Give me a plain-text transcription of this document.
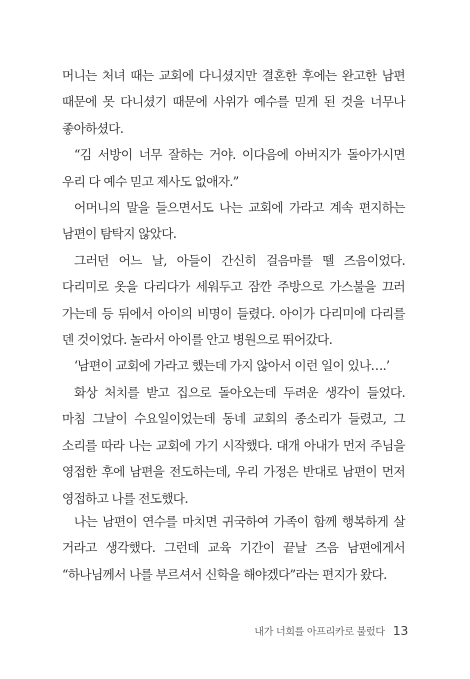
머니는 처녀 때는 교회에 다니셨지만 결혼한 후에는 완고한 남편 때문에 못 다니셨기 때문에 사위가 예수를 믿게 된 것을 너무나 좋아하셨다.

“김 서방이 너무 잘하는 거야. 이다음에 아버지가 돌아가시면 우리 다 예수 믿고 제사도 없애자.”

어머니의 말을 들으면서도 나는 교회에 가라고 계속 편지하는 남편이 탐탁지 않았다.

그러던 어느 날, 아들이 간신히 걸음마를 뗄 즈음이었다. 다리미로 옷을 다리다가 세워두고 잠깐 주방으로 가스불을 끄러 가는데 등 뒤에서 아이의 비명이 들렸다. 아이가 다리미에 다리를 덴 것이었다. 놀라서 아이를 안고 병원으로 뛰어갔다.

‘남편이 교회에 가라고 했는데 가지 않아서 이런 일이 있나….’

화상 처치를 받고 집으로 돌아오는데 두려운 생각이 들었다. 마침 그날이 수요일이었는데 동네 교회의 종소리가 들렸고, 그 소리를 따라 나는 교회에 가기 시작했다. 대개 아내가 먼저 주님을 영접한 후에 남편을 전도하는데, 우리 가정은 반대로 남편이 먼저 영접하고 나를 전도했다.

나는 남편이 연수를 마치면 귀국하여 가족이 함께 행복하게 살 거라고 생각했다. 그런데 교육 기간이 끝날 즈음 남편에게서 “하나님께서 나를 부르셔서 신학을 해야겠다”라는 편지가 왔다.

내가 너희를 아프리카로 불렀다 13
